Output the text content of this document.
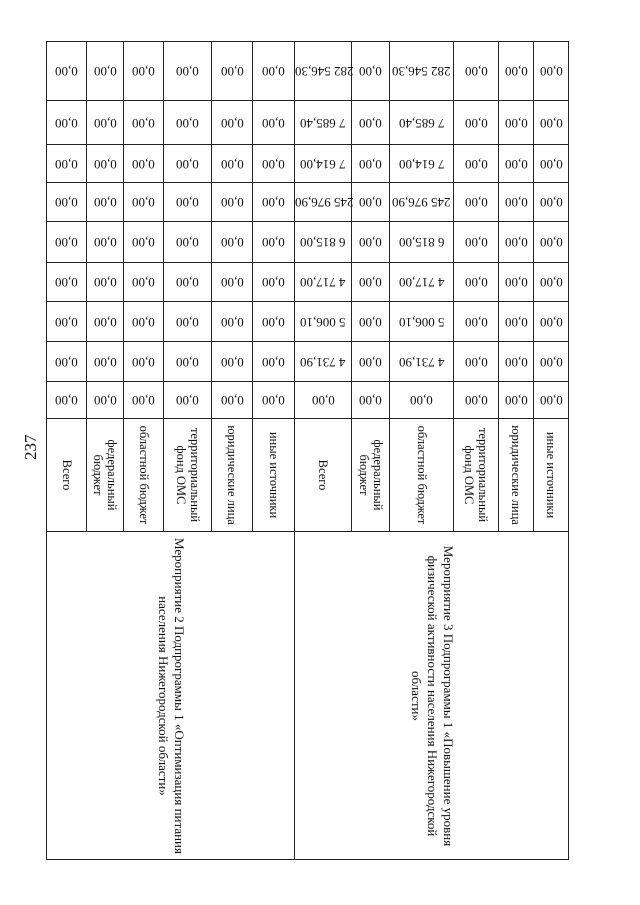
237
0,00	0,00	0,00	0,00	0,00	0,00	282 546,30	0,00	282 546,30	0,00	0,00	0,00
0,00	0,00	0,00	0,00	0,00	0,00	7 685,40	0,00	7 685,40	0,00	0,00	0,00
0,00	0,00	0,00	0,00	0,00	0,00	7 614,00	0,00	7 614,00	0,00	0,00	0,00
0,00	0,00	0,00	0,00	0,00	0,00	245 976,90	0,00	245 976,90	0,00	0,00	0,00
0,00	0,00	0,00	0,00	0,00	0,00	6 815,00	0,00	6 815,00	0,00	0,00	0,00
0,00	0,00	0,00	0,00	0,00	0,00	4 717,00	0,00	4 717,00	0,00	0,00	0,00
0,00	0,00	0,00	0,00	0,00	0,00	5 006,10	0,00	5 006,10	0,00	0,00	0,00
0,00	0,00	0,00	0,00	0,00	0,00	4 731,90	0,00	4 731,90	0,00	0,00	0,00
0,00	0,00	0,00	0,00	0,00	0,00	0,00	0,00	0,00	0,00	0,00	0,00

Всего	федеральный бюджет	областной бюджет	территориальный фонд ОМС	юридические лица	иные источники	Всего	федеральный бюджет	областной бюджет	территориальный фонд ОМС	юридические лица	иные источники

Мероприятие 2 Подпрограммы 1 «Оптимизация питания населения Нижегородской области»						Мероприятие 3 Подпрограммы 1 «Повышение уровня физической активности населения Нижегородской области»					
